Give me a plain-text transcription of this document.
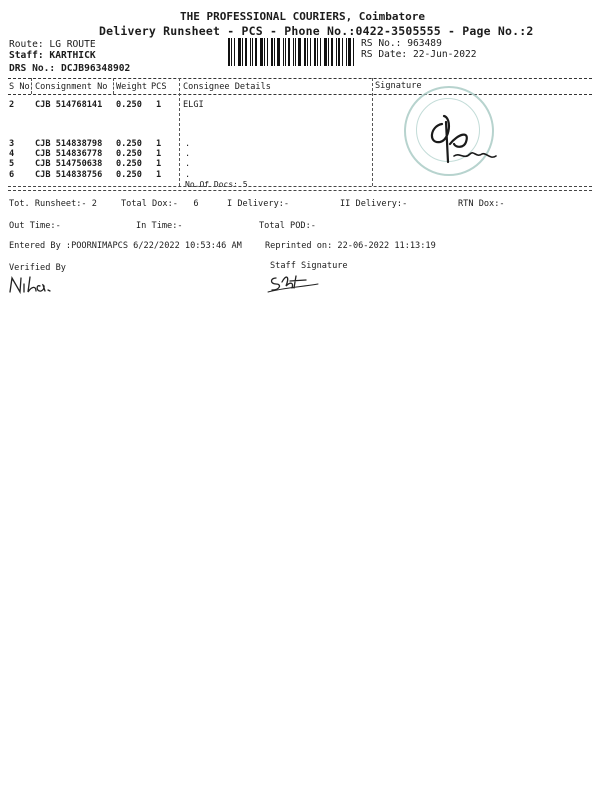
THE PROFESSIONAL COURIERS, Coimbatore
Delivery Runsheet - PCS - Phone No.:0422-3505555 - Page No.:2
Route: LG ROUTE
Staff: KARTHICK
DRS No.: DCJB96348902
RS No.: 963489
RS Date: 22-Jun-2022
S No Consignment No Weight PCS Consignee Details	Signature
2 CJB 514768141 0.250 1	ELGI
3 CJB 514838798 0.250 1	.
4 CJB 514836778 0.250 1	.
5 CJB 514750638 0.250 1	.
6 CJB 514838756 0.250 1	.
No.Of Docs: 5
Tot. Runsheet:- 2	Total Dox:-   6	I Delivery:-	II Delivery:-	RTN Dox:-
Out Time:-	In Time:-	Total POD:-
Entered By :POORNIMAPCS 6/22/2022 10:53:46 AM	Reprinted on: 22-06-2022 11:13:19
Verified By	Staff Signature
